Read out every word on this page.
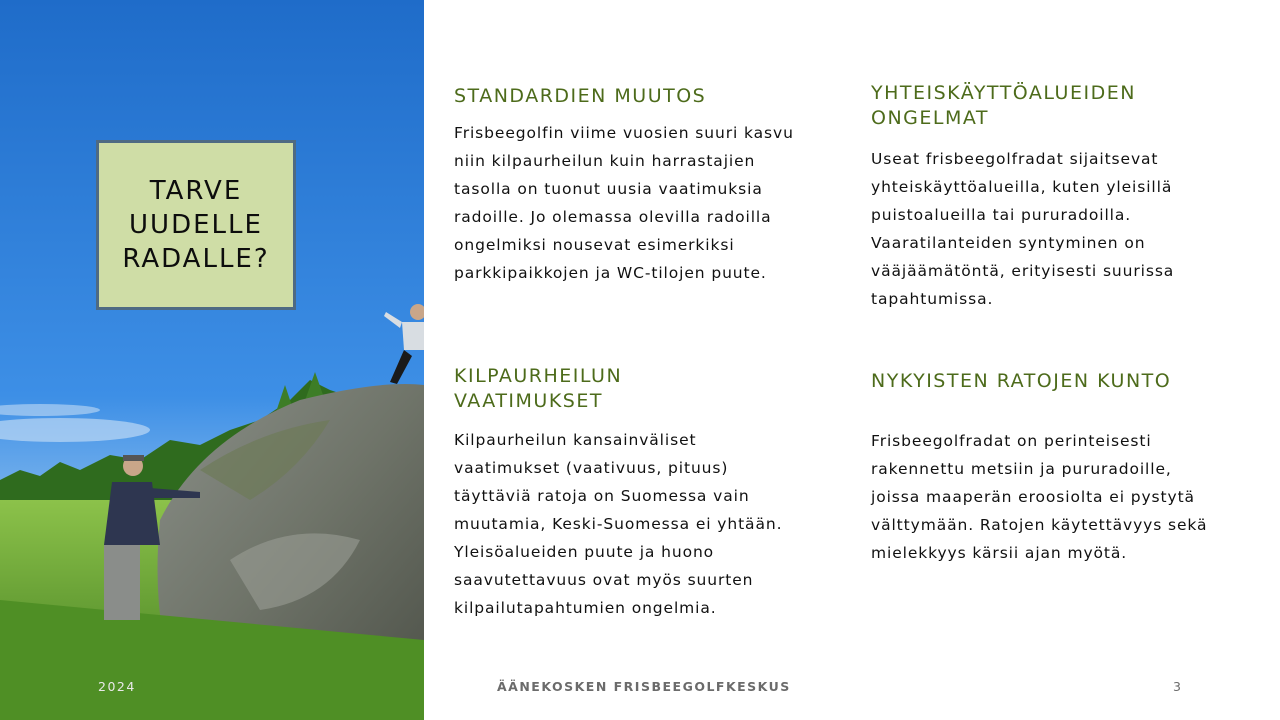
TARVE
UUDELLE
RADALLE?
STANDARDIEN MUUTOS

Frisbeegolfin viime vuosien suuri kasvu niin kilpaurheilun kuin harrastajien tasolla on tuonut uusia vaatimuksia radoille. Jo olemassa olevilla radoilla ongelmiksi nousevat esimerkiksi parkkipaikkojen ja WC-tilojen puute.

KILPAURHEILUN VAATIMUKSET

Kilpaurheilun kansainväliset vaatimukset (vaativuus, pituus) täyttäviä ratoja on Suomessa vain muutamia, Keski-Suomessa ei yhtään. Yleisöalueiden puute ja huono saavutettavuus ovat myös suurten kilpailutapahtumien ongelmia.

YHTEISKÄYTTÖALUEIDEN ONGELMAT

Useat frisbeegolfradat sijaitsevat yhteiskäyttöalueilla, kuten yleisillä puistoalueilla tai pururadoilla. Vaaratilanteiden syntyminen on vääjäämätöntä, erityisesti suurissa tapahtumissa.

NYKYISTEN RATOJEN KUNTO

Frisbeegolfradat on perinteisesti rakennettu metsiin ja pururadoille, joissa maaperän eroosiolta ei pystytä välttymään. Ratojen käytettävyys sekä mielekkyys kärsii ajan myötä.

2024	ÄÄNEKOSKEN FRISBEEGOLFKESKUS	3
